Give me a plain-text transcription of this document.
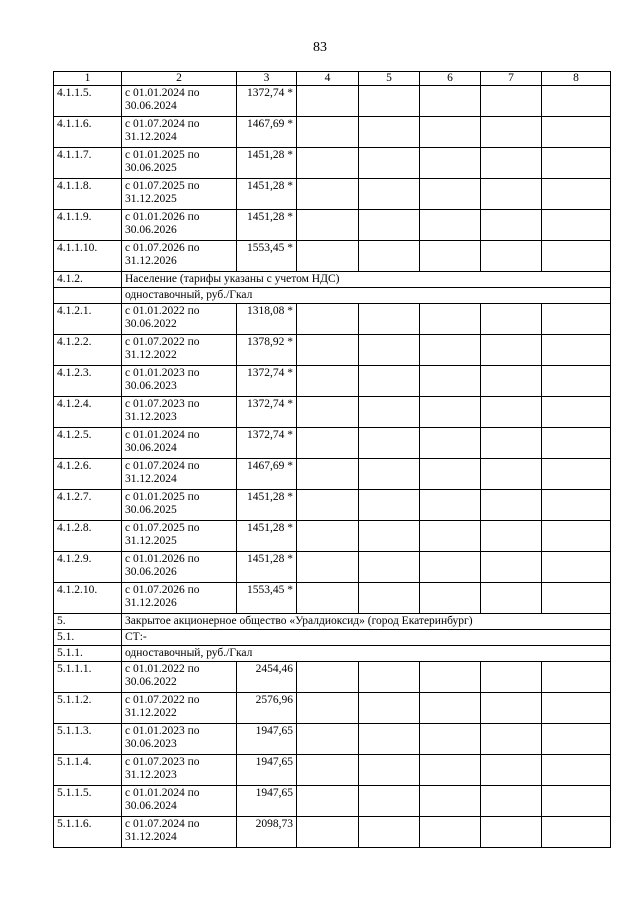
83
1	2	3	4	5	6	7	8
4.1.1.5.	с 01.01.2024 по 30.06.2024	1372,74 *					
4.1.1.6.	с 01.07.2024 по 31.12.2024	1467,69 *					
4.1.1.7.	с 01.01.2025 по 30.06.2025	1451,28 *					
4.1.1.8.	с 01.07.2025 по 31.12.2025	1451,28 *					
4.1.1.9.	с 01.01.2026 по 30.06.2026	1451,28 *					
4.1.1.10.	с 01.07.2026 по 31.12.2026	1553,45 *					
4.1.2.	Население (тарифы указаны с учетом НДС)						
	одноставочный, руб./Гкал						
4.1.2.1.	с 01.01.2022 по 30.06.2022	1318,08 *					
4.1.2.2.	с 01.07.2022 по 31.12.2022	1378,92 *					
4.1.2.3.	с 01.01.2023 по 30.06.2023	1372,74 *					
4.1.2.4.	с 01.07.2023 по 31.12.2023	1372,74 *					
4.1.2.5.	с 01.01.2024 по 30.06.2024	1372,74 *					
4.1.2.6.	с 01.07.2024 по 31.12.2024	1467,69 *					
4.1.2.7.	с 01.01.2025 по 30.06.2025	1451,28 *					
4.1.2.8.	с 01.07.2025 по 31.12.2025	1451,28 *					
4.1.2.9.	с 01.01.2026 по 30.06.2026	1451,28 *					
4.1.2.10.	с 01.07.2026 по 31.12.2026	1553,45 *					
5.	Закрытое акционерное общество «Уралдиоксид» (город Екатеринбург)						
5.1.	СТ:-						
5.1.1.	одноставочный, руб./Гкал						
5.1.1.1.	с 01.01.2022 по 30.06.2022	2454,46					
5.1.1.2.	с 01.07.2022 по 31.12.2022	2576,96					
5.1.1.3.	с 01.01.2023 по 30.06.2023	1947,65					
5.1.1.4.	с 01.07.2023 по 31.12.2023	1947,65					
5.1.1.5.	с 01.01.2024 по 30.06.2024	1947,65					
5.1.1.6.	с 01.07.2024 по 31.12.2024	2098,73					
